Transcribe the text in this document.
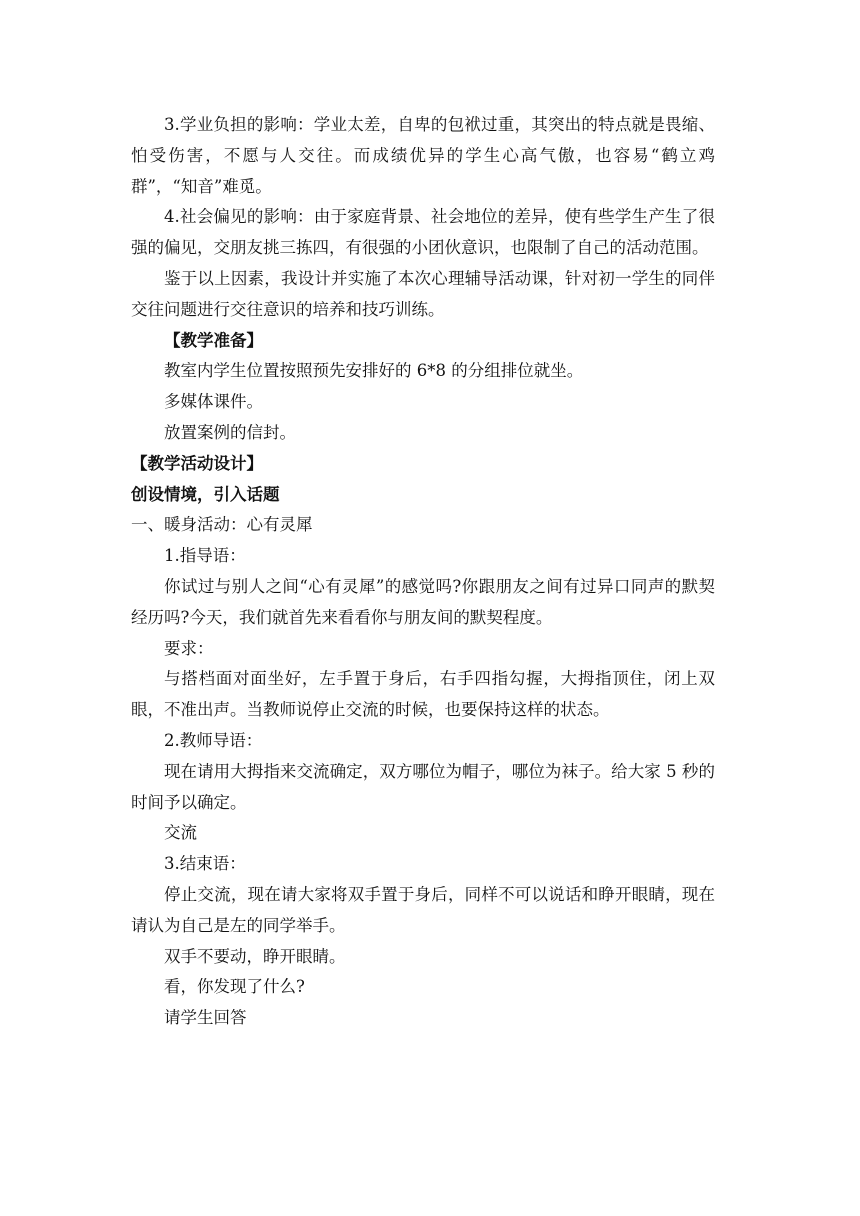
3.学业负担的影响：学业太差，自卑的包袱过重，其突出的特点就是畏缩、怕受伤害，不愿与人交往。而成绩优异的学生心高气傲，也容易“鹤立鸡群”，“知音”难觅。

4.社会偏见的影响：由于家庭背景、社会地位的差异，使有些学生产生了很强的偏见，交朋友挑三拣四，有很强的小团伙意识，也限制了自己的活动范围。

鉴于以上因素，我设计并实施了本次心理辅导活动课，针对初一学生的同伴交往问题进行交往意识的培养和技巧训练。

【教学准备】

教室内学生位置按照预先安排好的 6*8 的分组排位就坐。

多媒体课件。

放置案例的信封。

【教学活动设计】

创设情境，引入话题

一、暖身活动：心有灵犀

1.指导语：

你试过与别人之间“心有灵犀”的感觉吗?你跟朋友之间有过异口同声的默契经历吗?今天，我们就首先来看看你与朋友间的默契程度。

要求：

与搭档面对面坐好，左手置于身后，右手四指勾握，大拇指顶住，闭上双眼，不准出声。当教师说停止交流的时候，也要保持这样的状态。

2.教师导语：

现在请用大拇指来交流确定，双方哪位为帽子，哪位为袜子。给大家 5 秒的时间予以确定。

交流

3.结束语：

停止交流，现在请大家将双手置于身后，同样不可以说话和睁开眼睛，现在请认为自己是左的同学举手。

双手不要动，睁开眼睛。

看，你发现了什么?

请学生回答
